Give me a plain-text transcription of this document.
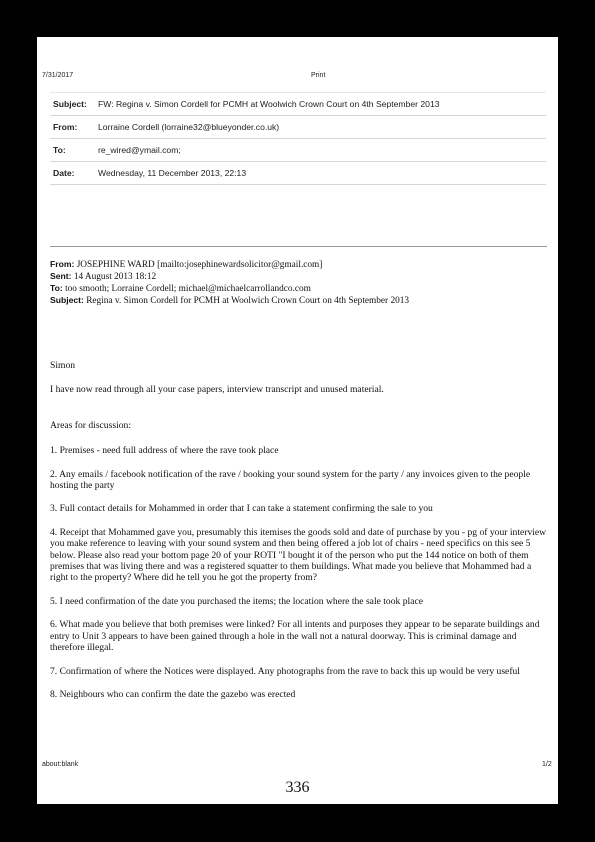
7/31/2017	Print
Subject:	FW: Regina v. Simon Cordell for PCMH at Woolwich Crown Court on 4th September 2013
From:	Lorraine Cordell (lorraine32@blueyonder.co.uk)
To:	re_wired@ymail.com;
Date:	Wednesday, 11 December 2013, 22:13
From: JOSEPHINE WARD [mailto:josephinewardsolicitor@gmail.com]
Sent: 14 August 2013 18:12
To: too smooth; Lorraine Cordell; michael@michaelcarrollandco.com
Subject: Regina v. Simon Cordell for PCMH at Woolwich Crown Court on 4th September 2013

Simon

I have now read through all your case papers, interview transcript and unused material.

Areas for discussion:

1. Premises - need full address of where the rave took place

2. Any emails / facebook notification of the rave / booking your sound system for the party / any invoices given to the people hosting the party

3. Full contact details for Mohammed in order that I can take a statement confirming the sale to you

4. Receipt that Mohammed gave you, presumably this itemises the goods sold and date of purchase by you - pg of your interview you make reference to leaving with your sound system and then being offered a job lot of chairs - need specifics on this see 5 below. Please also read your bottom page 20 of your ROTI "I bought it of the person who put the 144 notice on both of them premises that was living there and was a registered squatter to them buildings. What made you believe that Mohammed had a right to the property? Where did he tell you he got the property from?

5. I need confirmation of the date you purchased the items; the location where the sale took place

6. What made you believe that both premises were linked? For all intents and purposes they appear to be separate buildings and entry to Unit 3 appears to have been gained through a hole in the wall not a natural doorway. This is criminal damage and therefore illegal.

7. Confirmation of where the Notices were displayed. Any photographs from the rave to back this up would be very useful

8. Neighbours who can confirm the date the gazebo was erected

about:blank	1/2
336
